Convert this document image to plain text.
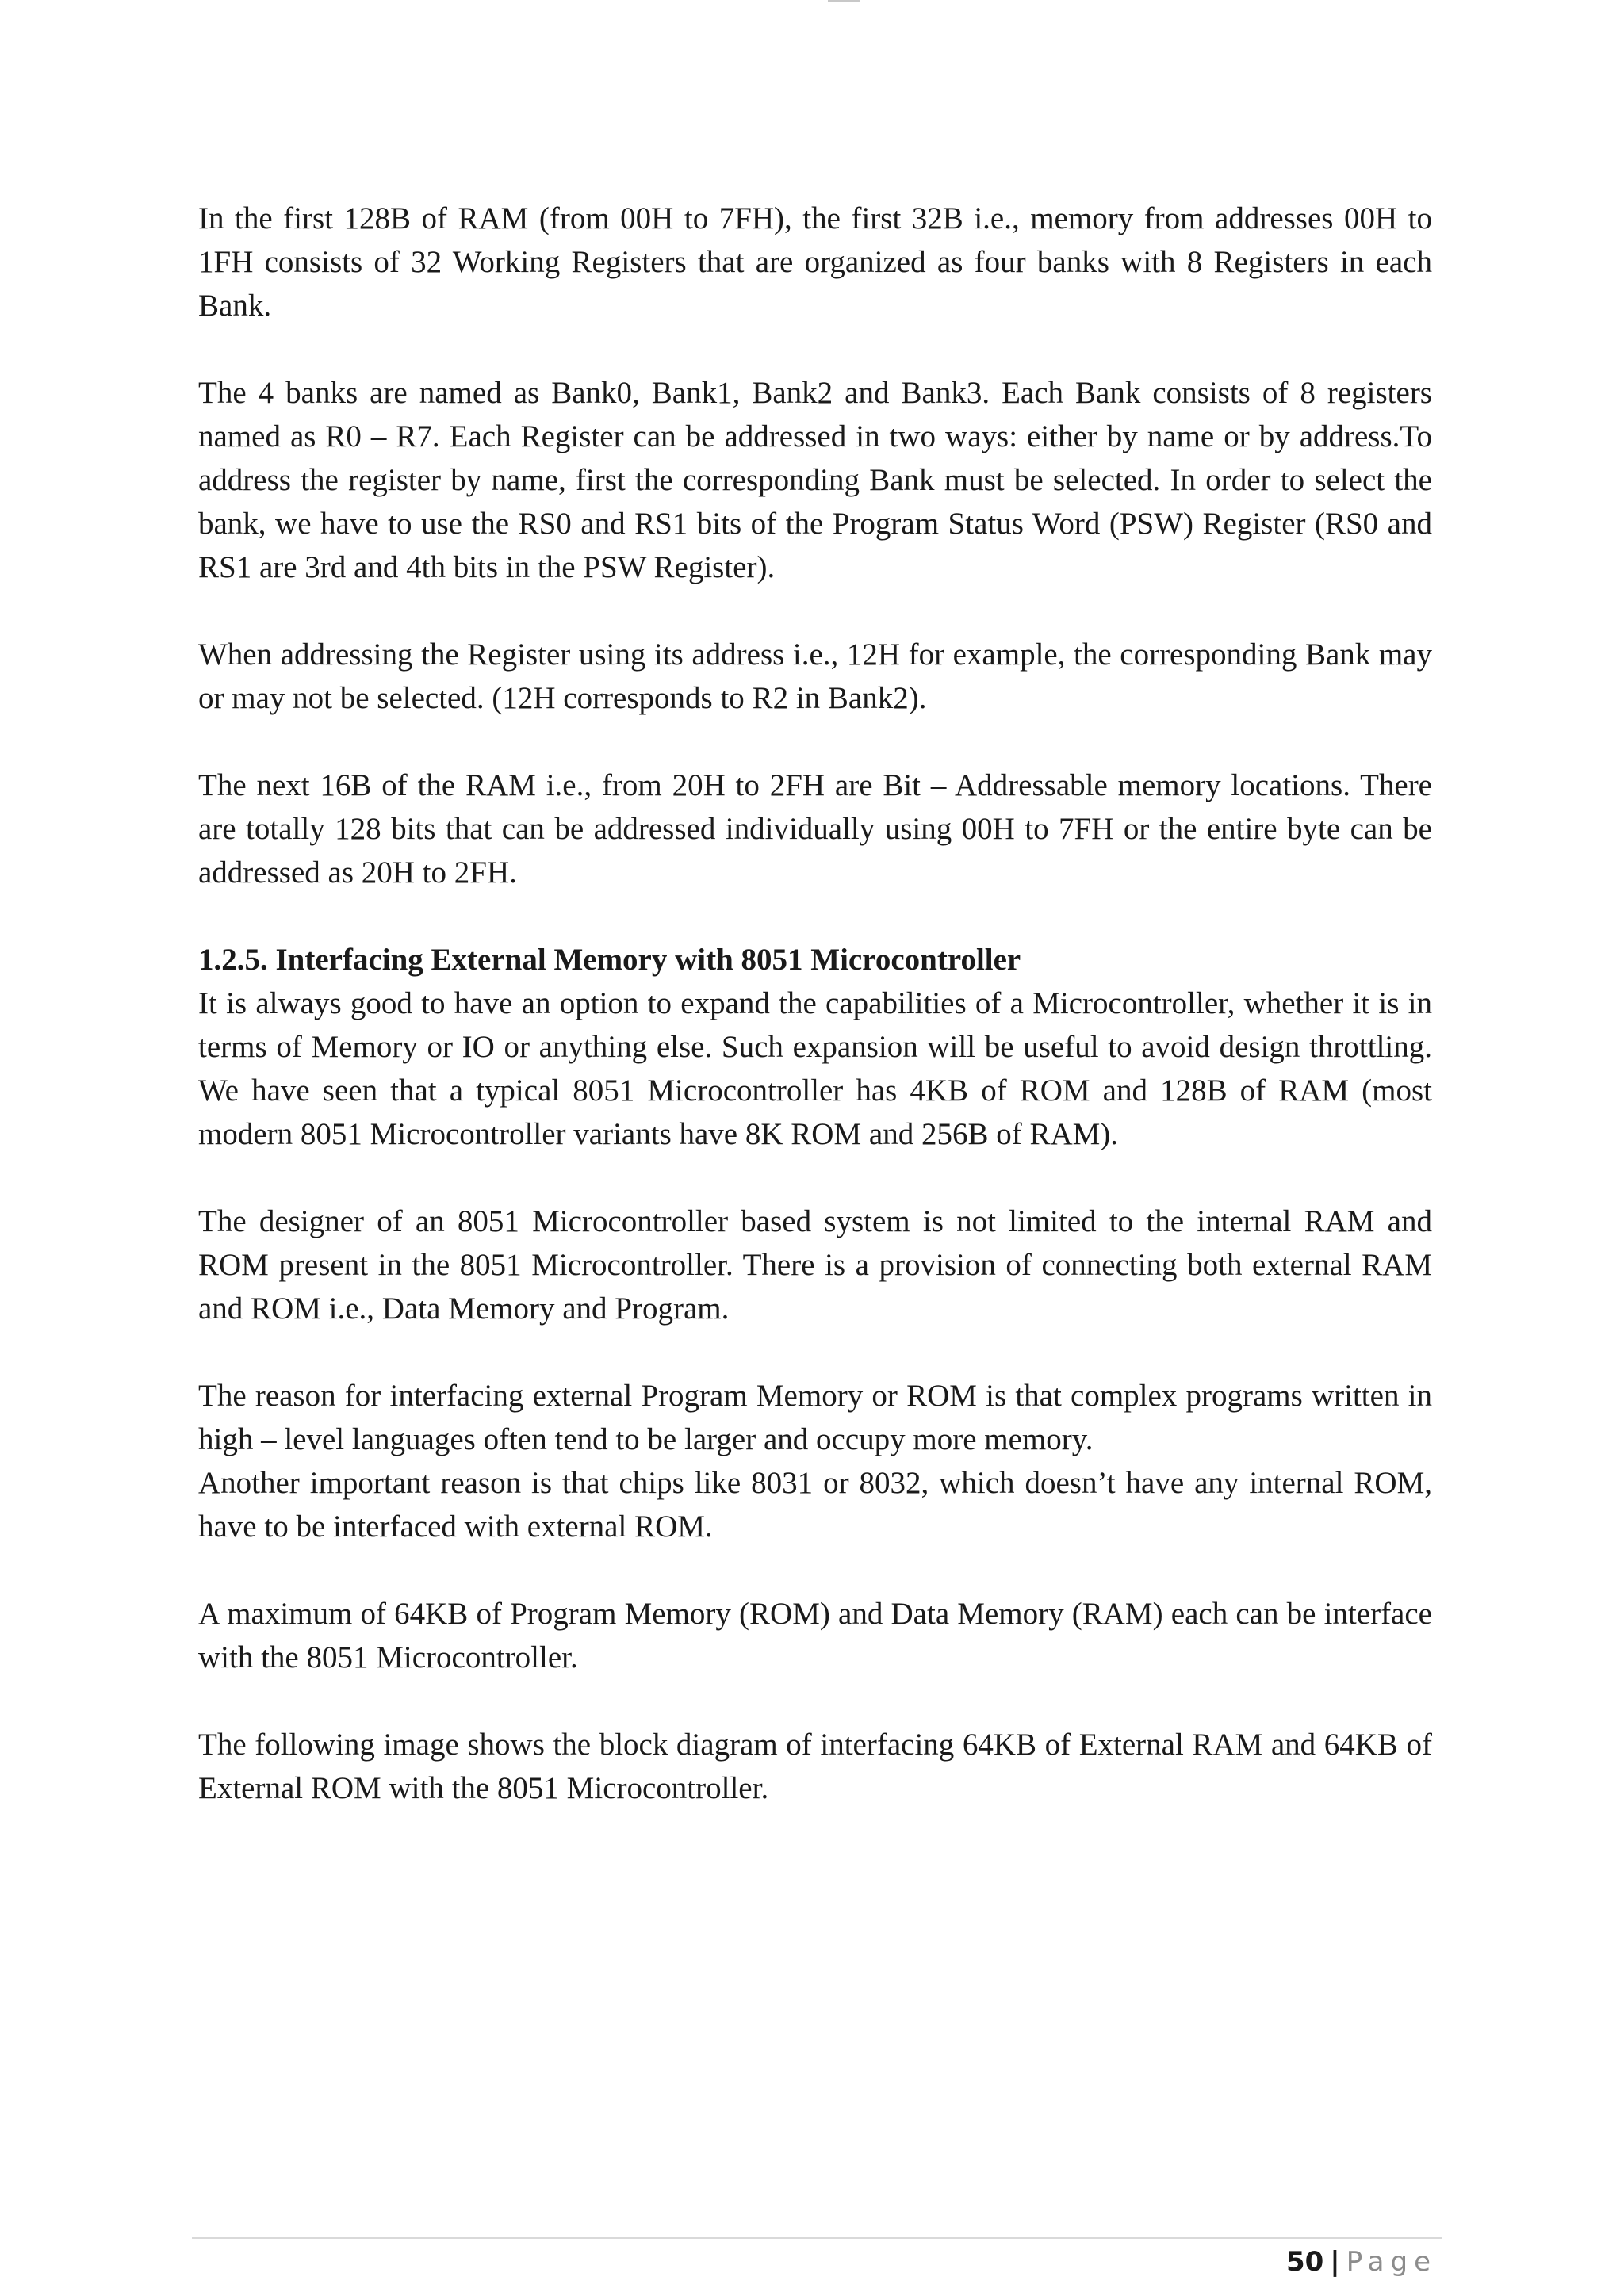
In the first 128B of RAM (from 00H to 7FH), the first 32B i.e., memory from addresses 00H to 1FH consists of 32 Working Registers that are organized as four banks with 8 Registers in each Bank.

The 4 banks are named as Bank0, Bank1, Bank2 and Bank3. Each Bank consists of 8 registers named as R0 – R7. Each Register can be addressed in two ways: either by name or by address.To address the register by name, first the corresponding Bank must be selected. In order to select the bank, we have to use the RS0 and RS1 bits of the Program Status Word (PSW) Register (RS0 and RS1 are 3rd and 4th bits in the PSW Register).

When addressing the Register using its address i.e., 12H for example, the corresponding Bank may or may not be selected. (12H corresponds to R2 in Bank2).

The next 16B of the RAM i.e., from 20H to 2FH are Bit – Addressable memory locations. There are totally 128 bits that can be addressed individually using 00H to 7FH or the entire byte can be addressed as 20H to 2FH.

1.2.5. Interfacing External Memory with 8051 Microcontroller

It is always good to have an option to expand the capabilities of a Microcontroller, whether it is in terms of Memory or IO or anything else. Such expansion will be useful to avoid design throttling. We have seen that a typical 8051 Microcontroller has 4KB of ROM and 128B of RAM (most modern 8051 Microcontroller variants have 8K ROM and 256B of RAM).

The designer of an 8051 Microcontroller based system is not limited to the internal RAM and ROM present in the 8051 Microcontroller. There is a provision of connecting both external RAM and ROM i.e., Data Memory and Program.

The reason for interfacing external Program Memory or ROM is that complex programs written in high – level languages often tend to be larger and occupy more memory.

Another important reason is that chips like 8031 or 8032, which doesn’t have any internal ROM, have to be interfaced with external ROM.

A maximum of 64KB of Program Memory (ROM) and Data Memory (RAM) each can be interface with the 8051 Microcontroller.

The following image shows the block diagram of interfacing 64KB of External RAM and 64KB of External ROM with the 8051 Microcontroller.

50 | Page
